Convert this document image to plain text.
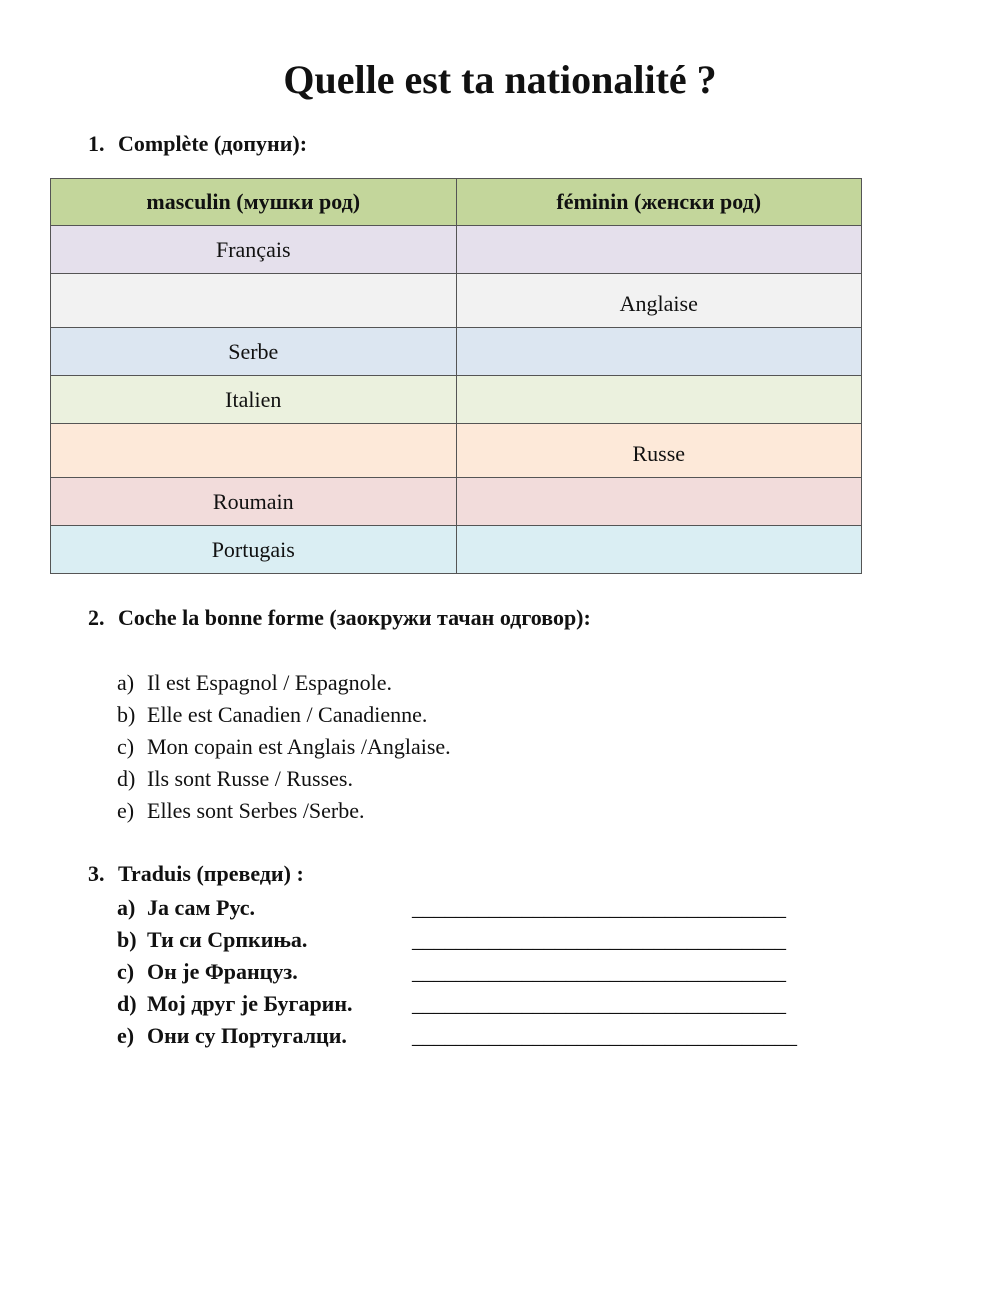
Quelle est ta nationalité ?
1. Complète (допуни):
masculin (мушки род)	féminin (женски род)
Français	
	Anglaise
Serbe	
Italien	
	Russe
Roumain	
Portugais	
2. Coche la bonne forme (заокружи тачан одговор):
a) Il est Espagnol / Espagnole.
b) Elle est Canadien / Canadienne.
c) Mon copain est Anglais /Anglaise.
d) Ils sont Russe / Russes.
e) Elles sont Serbes /Serbe.
3. Traduis (преведи) :
a) Ја сам Рус.	__________________________________
b) Ти си Српкиња.	__________________________________
c) Он је Француз.	__________________________________
d) Мој друг је Бугарин.	__________________________________
e) Они су Португалци.	___________________________________
